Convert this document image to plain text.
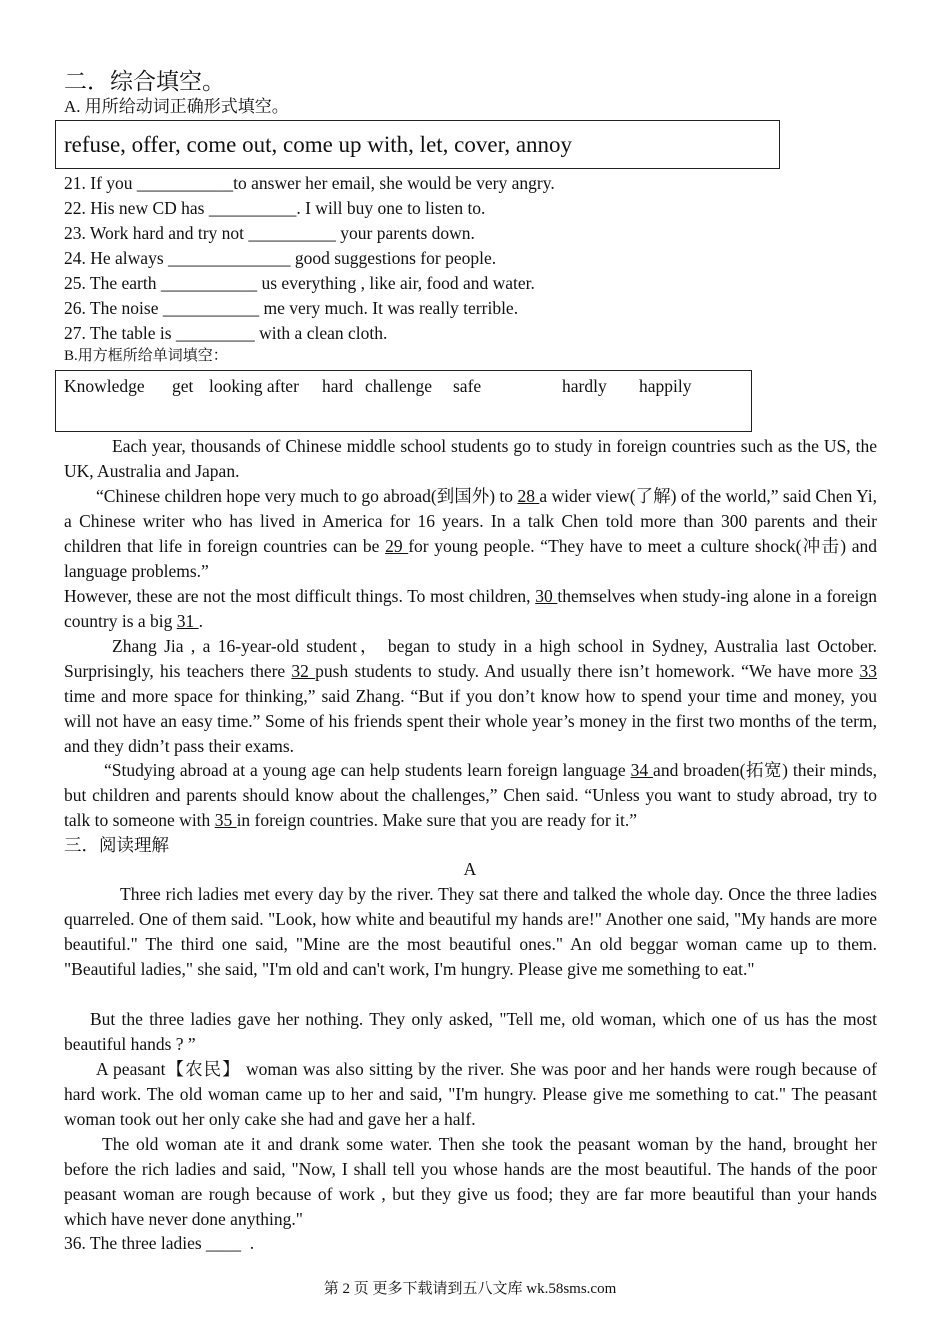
二．综合填空。
A. 用所给动词正确形式填空。
refuse, offer, come out, come up with, let, cover, annoy
21. If you ___________to answer her email, she would be very angry.
22. His new CD has __________. I will buy one to listen to.
23. Work hard and try not __________ your parents down.
24. He always ______________ good suggestions for people.
25. The earth ___________ us everything , like air, food and water.
26. The noise ___________ me very much. It was really terrible.
27. The table is _________ with a clean cloth.
B.用方框所给单词填空：
Knowledge get looking after hard challenge safe	hardly happily

Each year, thousands of Chinese middle school students go to study in foreign countries such as the US, the UK, Australia and Japan.

“Chinese children hope very much to go abroad(到国外) to 28 a wider view(了解) of the world,” said Chen Yi, a Chinese writer who has lived in America for 16 years. In a talk Chen told more than 300 parents and their children that life in foreign countries can be 29 for young people. “They have to meet a culture shock(冲击) and language problems.”

However, these are not the most difficult things. To most children, 30 themselves when study-ing alone in a foreign country is a big 31 .

Zhang Jia , a 16-year-old student， began to study in a high school in Sydney, Australia last October. Surprisingly, his teachers there 32 push students to study. And usually there isn’t homework. “We have more 33 time and more space for thinking,” said Zhang. “But if you don’t know how to spend your time and money, you will not have an easy time.” Some of his friends spent their whole year’s money in the first two months of the term, and they didn’t pass their exams.

“Studying abroad at a young age can help students learn foreign language 34 and broaden(拓宽) their minds, but children and parents should know about the challenges,” Chen said. “Unless you want to study abroad, try to talk to someone with 35 in foreign countries. Make sure that you are ready for it.”

三．阅读理解
A

Three rich ladies met every day by the river. They sat there and talked the whole day. Once the three ladies quarreled. One of them said. "Look, how white and beautiful my hands are!" Another one said, "My hands are more beautiful." The third one said, "Mine are the most beautiful ones." An old beggar woman came up to them. "Beautiful ladies," she said, "I'm old and can't work, I'm hungry. Please give me something to eat."

But the three ladies gave her nothing. They only asked, "Tell me, old woman, which one of us has the most beautiful hands ? ”

A peasant【农民】 woman was also sitting by the river. She was poor and her hands were rough because of hard work. The old woman came up to her and said, "I'm hungry. Please give me something to cat." The peasant woman took out her only cake she had and gave her a half.

The old woman ate it and drank some water. Then she took the peasant woman by the hand, brought her before the rich ladies and said, "Now, I shall tell you whose hands are the most beautiful. The hands of the poor peasant woman are rough because of work , but they give us food; they are far more beautiful than your hands which have never done anything."

36. The three ladies ____  .
第 2 页 更多下载请到五八文库 wk.58sms.com
